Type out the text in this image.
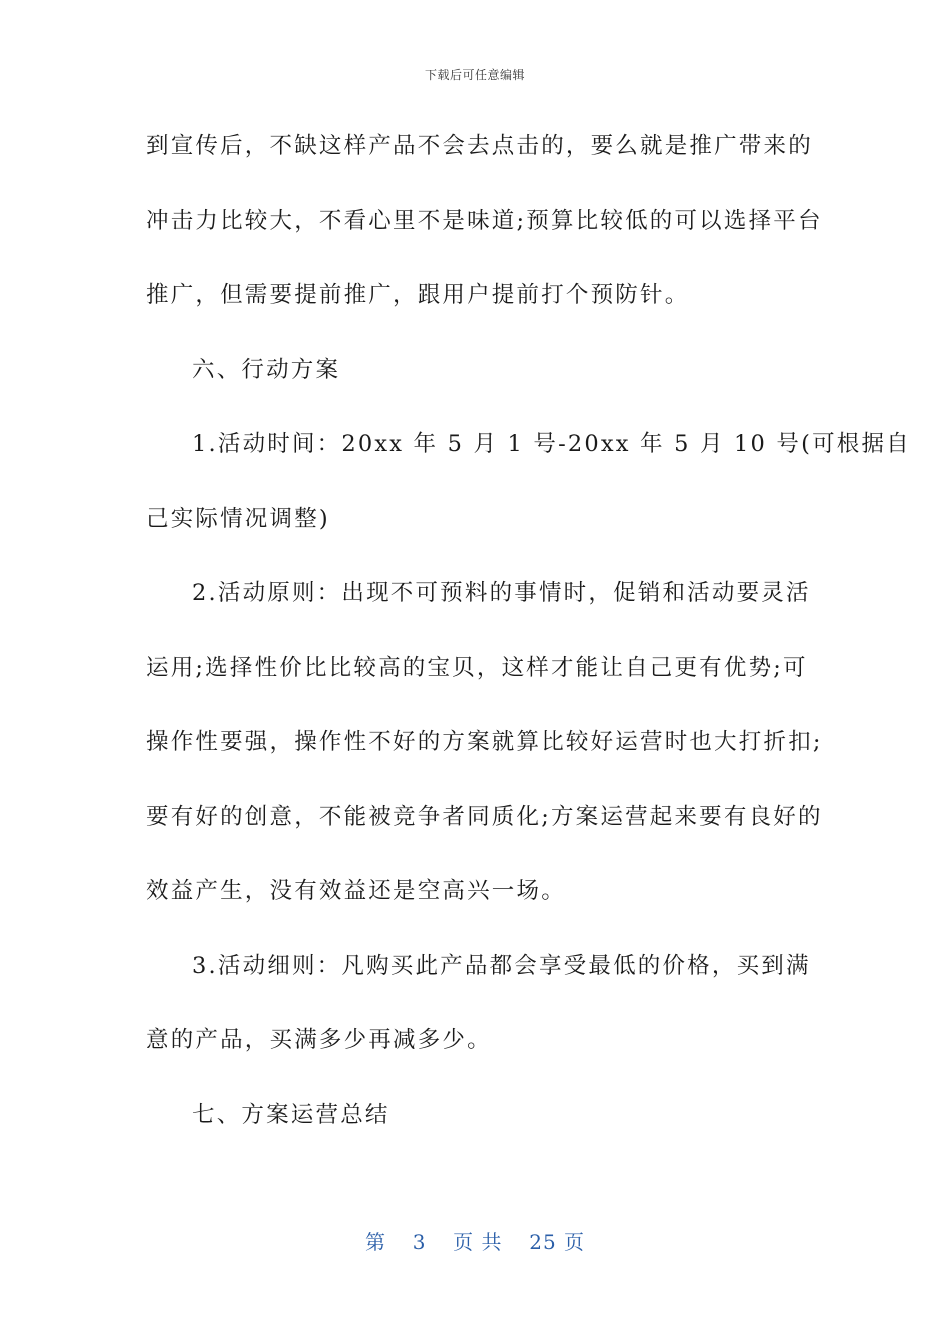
下载后可任意编辑
到宣传后，不缺这样产品不会去点击的，要么就是推广带来的
冲击力比较大，不看心里不是味道;预算比较低的可以选择平台
推广，但需要提前推广，跟用户提前打个预防针。
六、行动方案
1.活动时间：20xx 年 5 月 1 号-20xx 年 5 月 10 号(可根据自
己实际情况调整)
2.活动原则：出现不可预料的事情时，促销和活动要灵活
运用;选择性价比比较高的宝贝，这样才能让自己更有优势;可
操作性要强，操作性不好的方案就算比较好运营时也大打折扣;
要有好的创意，不能被竞争者同质化;方案运营起来要有良好的
效益产生，没有效益还是空高兴一场。
3.活动细则：凡购买此产品都会享受最低的价格，买到满
意的产品，买满多少再减多少。
七、方案运营总结
第 3 页 共 25 页
